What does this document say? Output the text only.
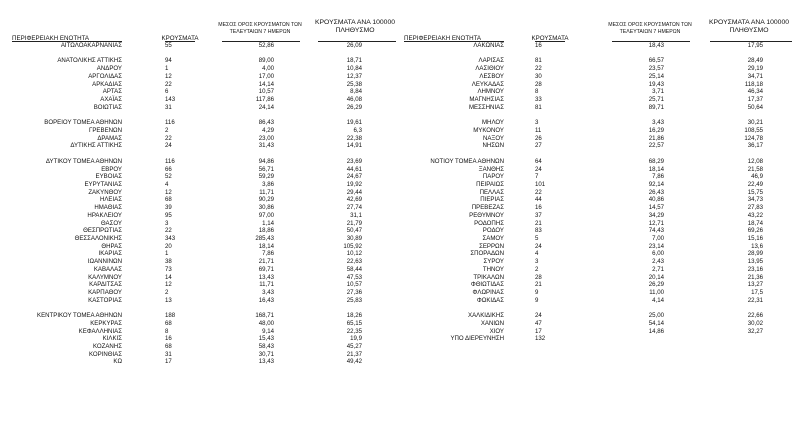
ΠΕΡΙΦΕΡΕΙΑΚΗ ΕΝΟΤΗΤΑ	ΚΡΟΥΣΜΑΤΑ
ΜΕΣΟΣ ΟΡΟΣ ΚΡΟΥΣΜΑΤΩΝ ΤΩΝ
ΤΕΛΕΥΤΑΙΩΝ 7 ΗΜΕΡΩΝ
ΚΡΟΥΣΜΑΤΑ ΑΝΑ 100000
ΠΛΗΘΥΣΜΟ
ΑΙΤΩΛΟΑΚΑΡΝΑΝΙΑΣ	55	52,86	26,09
ΑΝΑΤΟΛΙΚΗΣ ΑΤΤΙΚΗΣ	94	89,00	18,71
ΑΝΔΡΟΥ	1	4,00	10,84
ΑΡΓΟΛΙΔΑΣ	12	17,00	12,37
ΑΡΚΑΔΙΑΣ	22	14,14	25,38
ΑΡΤΑΣ	6	10,57	8,84
ΑΧΑΪΑΣ	143	117,86	46,08
ΒΟΙΩΤΙΑΣ	31	24,14	26,29
ΒΟΡΕΙΟΥ ΤΟΜΕΑ ΑΘΗΝΩΝ	116	86,43	19,61
ΓΡΕΒΕΝΩΝ	2	4,29	6,3
ΔΡΑΜΑΣ	22	23,00	22,38
ΔΥΤΙΚΗΣ ΑΤΤΙΚΗΣ	24	31,43	14,91
ΔΥΤΙΚΟΥ ΤΟΜΕΑ ΑΘΗΝΩΝ	116	94,86	23,69
ΕΒΡΟΥ	66	56,71	44,61
ΕΥΒΟΙΑΣ	52	59,29	24,67
ΕΥΡΥΤΑΝΙΑΣ	4	3,86	19,92
ΖΑΚΥΝΘΟΥ	12	11,71	29,44
ΗΛΕΙΑΣ	68	90,29	42,69
ΗΜΑΘΙΑΣ	39	30,86	27,74
ΗΡΑΚΛΕΙΟΥ	95	97,00	31,1
ΘΑΣΟΥ	3	1,14	21,79
ΘΕΣΠΡΩΤΙΑΣ	22	18,86	50,47
ΘΕΣΣΑΛΟΝΙΚΗΣ	343	285,43	30,89
ΘΗΡΑΣ	20	18,14	105,92
ΙΚΑΡΙΑΣ	1	7,86	10,12
ΙΩΑΝΝΙΝΩΝ	38	21,71	22,63
ΚΑΒΑΛΑΣ	73	69,71	58,44
ΚΑΛΥΜΝΟΥ	14	13,43	47,53
ΚΑΡΔΙΤΣΑΣ	12	11,71	10,57
ΚΑΡΠΑΘΟΥ	2	3,43	27,36
ΚΑΣΤΟΡΙΑΣ	13	16,43	25,83
ΚΕΝΤΡΙΚΟΥ ΤΟΜΕΑ ΑΘΗΝΩΝ	188	168,71	18,26
ΚΕΡΚΥΡΑΣ	68	48,00	65,15
ΚΕΦΑΛΛΗΝΙΑΣ	8	9,14	22,35
ΚΙΛΚΙΣ	16	15,43	19,9
ΚΟΖΑΝΗΣ	68	58,43	45,27
ΚΟΡΙΝΘΙΑΣ	31	30,71	21,37
ΚΩ	17	13,43	49,42
ΠΕΡΙΦΕΡΕΙΑΚΗ ΕΝΟΤΗΤΑ	ΚΡΟΥΣΜΑΤΑ
ΜΕΣΟΣ ΟΡΟΣ ΚΡΟΥΣΜΑΤΩΝ ΤΩΝ
ΤΕΛΕΥΤΑΙΩΝ 7 ΗΜΕΡΩΝ
ΚΡΟΥΣΜΑΤΑ ΑΝΑ 100000
ΠΛΗΘΥΣΜΟ
ΛΑΚΩΝΙΑΣ	16	18,43	17,95
ΛΑΡΙΣΑΣ	81	66,57	28,49
ΛΑΣΙΘΙΟΥ	22	23,57	29,19
ΛΕΣΒΟΥ	30	25,14	34,71
ΛΕΥΚΑΔΑΣ	28	19,43	118,18
ΛΗΜΝΟΥ	8	3,71	46,34
ΜΑΓΝΗΣΙΑΣ	33	25,71	17,37
ΜΕΣΣΗΝΙΑΣ	81	89,71	50,64
ΜΗΛΟΥ	3	3,43	30,21
ΜΥΚΟΝΟΥ	11	16,29	108,55
ΝΑΞΟΥ	26	21,86	124,78
ΝΗΣΩΝ	27	22,57	36,17
ΝΟΤΙΟΥ ΤΟΜΕΑ ΑΘΗΝΩΝ	64	68,29	12,08
ΞΑΝΘΗΣ	24	18,14	21,58
ΠΑΡΟΥ	7	7,86	46,9
ΠΕΙΡΑΙΩΣ	101	92,14	22,49
ΠΕΛΛΑΣ	22	26,43	15,75
ΠΙΕΡΙΑΣ	44	40,86	34,73
ΠΡΕΒΕΖΑΣ	16	14,57	27,83
ΡΕΘΥΜΝΟΥ	37	34,29	43,22
ΡΟΔΟΠΗΣ	21	12,71	18,74
ΡΟΔΟΥ	83	74,43	69,26
ΣΑΜΟΥ	5	7,00	15,16
ΣΕΡΡΩΝ	24	23,14	13,6
ΣΠΟΡΑΔΩΝ	4	6,00	28,99
ΣΥΡΟΥ	3	2,43	13,95
ΤΗΝΟΥ	2	2,71	23,16
ΤΡΙΚΑΛΩΝ	28	20,14	21,36
ΦΘΙΩΤΙΔΑΣ	21	26,29	13,27
ΦΛΩΡΙΝΑΣ	9	11,00	17,5
ΦΩΚΙΔΑΣ	9	4,14	22,31
ΧΑΛΚΙΔΙΚΗΣ	24	25,00	22,66
ΧΑΝΙΩΝ	47	54,14	30,02
ΧΙΟΥ	17	14,86	32,27
ΥΠΟ ΔΙΕΡΕΥΝΗΣΗ	132
